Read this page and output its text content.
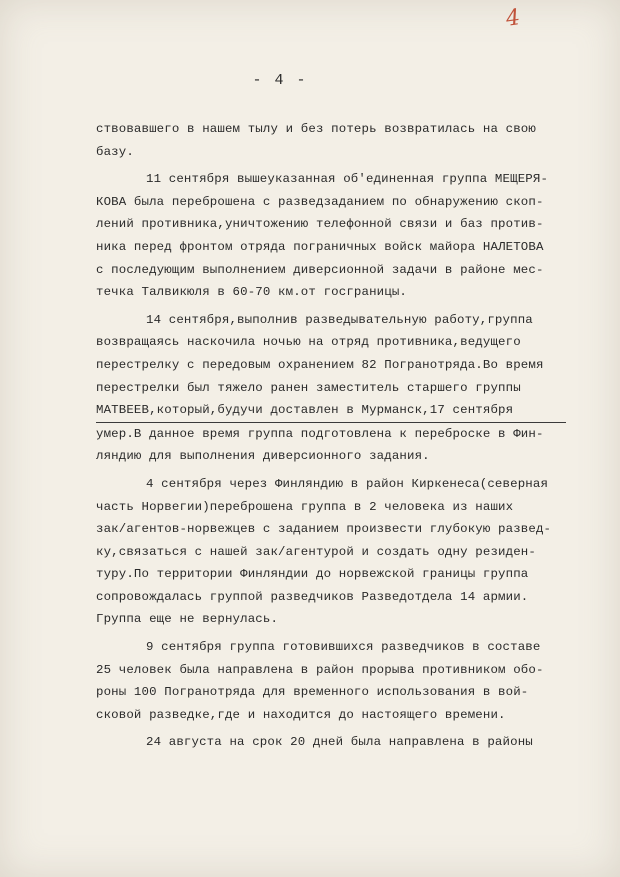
4
- 4 -
ствовавшего в нашем тылу и без потерь возвратилась на свою
базу.
11 сентября вышеуказанная об'единенная группа МЕЩЕРЯ-
КОВА была переброшена с разведзаданием по обнаружению скоп-
лений противника,уничтожению телефонной связи и баз против-
ника перед фронтом отряда пограничных войск майора НАЛЕТОВА
с последующим выполнением диверсионной задачи в районе мес-
течка Талвикюля в 60-70 км.от госграницы.
14 сентября,выполнив разведывательную работу,группа
возвращаясь наскочила ночью на отряд противника,ведущего
перестрелку с передовым охранением 82 Погранотряда.Во время
перестрелки был тяжело ранен заместитель старшего группы
МАТВЕЕВ,который,будучи доставлен в Мурманск,17 сентября
умер.В данное время группа подготовлена к переброске в Фин-
ляндию для выполнения диверсионного задания.
4 сентября через Финляндию в район Киркенеса(северная
часть Норвегии)переброшена группа в 2 человека из наших
зак/агентов-норвежцев с заданием произвести глубокую развед-
ку,связаться с нашей зак/агентурой и создать одну резиден-
туру.По территории Финляндии до норвежской границы группа
сопровождалась группой разведчиков Разведотдела 14 армии.
Группа еще не вернулась.
9 сентября группа готовившихся разведчиков в составе
25 человек была направлена в район прорыва противником обо-
роны 100 Погранотряда для временного использования в вой-
сковой разведке,где и находится до настоящего времени.
24 августа на срок 20 дней была направлена в районы
